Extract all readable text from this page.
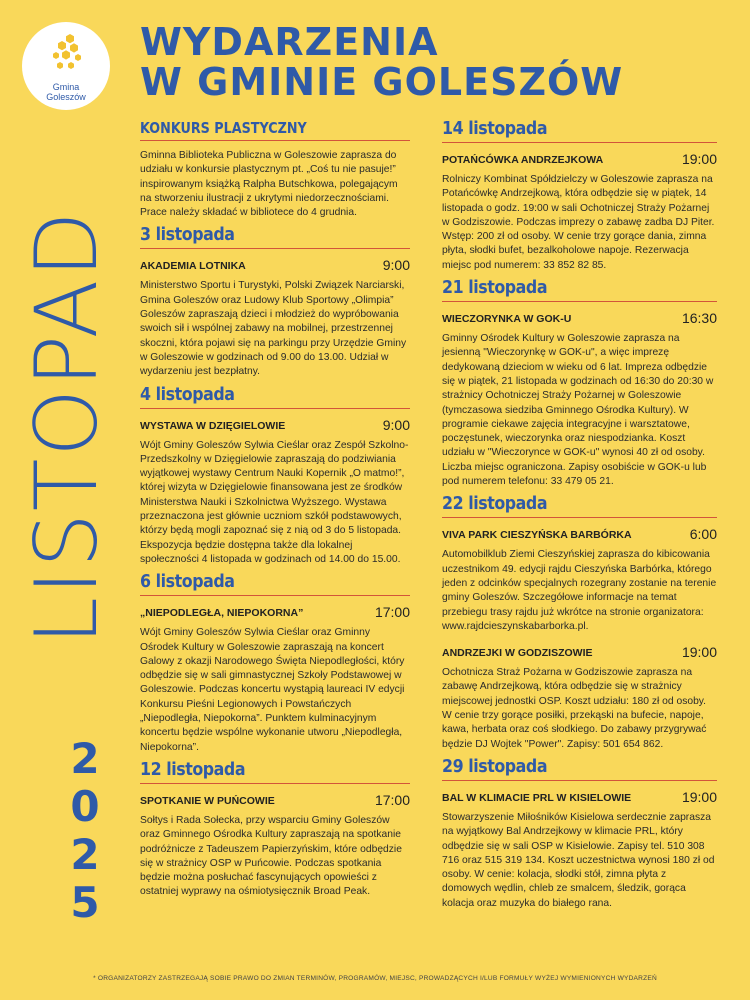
Gmina
Goleszów
WYDARZENIA
W GMINIE GOLESZÓW
LISTOPAD
2
0
2
5
KONKURS PLASTYCZNY
Gminna Biblioteka Publiczna w Goleszowie zaprasza do udziału w konkursie plastycznym pt. „Coś tu nie pasuje!” inspirowanym książką Ralpha Butschkowa, polegającym na stworzeniu ilustracji z ukrytymi niedorzecznościami. Prace należy składać w bibliotece do 4 grudnia.
3 listopada
AKADEMIA LOTNIKA	9:00
Ministerstwo Sportu i Turystyki, Polski Związek Narciarski, Gmina Goleszów oraz Ludowy Klub Sportowy „Olimpia” Goleszów zapraszają dzieci i młodzież do wypróbowania swoich sił i wspólnej zabawy na mobilnej, przestrzennej skoczni, która pojawi się na parkingu przy Urzędzie Gminy w Goleszowie w godzinach od 9.00 do 13.00. Udział w wydarzeniu jest bezpłatny.
4 listopada
WYSTAWA W DZIĘGIELOWIE	9:00
Wójt Gminy Goleszów Sylwia Cieślar oraz Zespół Szkolno-Przedszkolny w Dzięgielowie zapraszają do podziwiania wyjątkowej wystawy Centrum Nauki Kopernik „O matmo!”, której wizyta w Dzięgielowie finansowana jest ze środków Ministerstwa Nauki i Szkolnictwa Wyższego. Wystawa przeznaczona jest głównie uczniom szkół podstawowych, którzy będą mogli zapoznać się z nią od 3 do 5 listopada. Ekspozycja będzie dostępna także dla lokalnej społeczności 4 listopada w godzinach od 14.00 do 15.00.
6 listopada
„NIEPODLEGŁA, NIEPOKORNA”	17:00
Wójt Gminy Goleszów Sylwia Cieślar oraz Gminny Ośrodek Kultury w Goleszowie zapraszają na koncert Galowy z okazji Narodowego Święta Niepodległości, który odbędzie się w sali gimnastycznej Szkoły Podstawowej w Goleszowie. Podczas koncertu wystąpią laureaci IV edycji Konkursu Pieśni Legionowych i Powstańczych „Niepodległa, Niepokorna”. Punktem kulminacyjnym koncertu będzie wspólne wykonanie utworu „Niepodległa, Niepokorna”.
12 listopada
SPOTKANIE W PUŃCOWIE	17:00
Sołtys i Rada Sołecka, przy wsparciu Gminy Goleszów oraz Gminnego Ośrodka Kultury zapraszają na spotkanie podróżnicze z Tadeuszem Papierzyńskim, które odbędzie się w strażnicy OSP w Puńcowie. Podczas spotkania będzie można posłuchać fascynujących opowieści z ostatniej wyprawy na ośmiotysięcznik Broad Peak.
14 listopada
POTAŃCÓWKA ANDRZEJKOWA	19:00
Rolniczy Kombinat Spółdzielczy w Goleszowie zaprasza na Potańcówkę Andrzejkową, która odbędzie się w piątek, 14 listopada o godz. 19:00 w sali Ochotniczej Straży Pożarnej w Godziszowie. Podczas imprezy o zabawę zadba DJ Piter. Wstęp: 200 zł od osoby. W cenie trzy gorące dania, zimna płyta, słodki bufet, bezalkoholowe napoje. Rezerwacja miejsc pod numerem: 33 852 82 85.
21 listopada
WIECZORYNKA W GOK-U	16:30
Gminny Ośrodek Kultury w Goleszowie zaprasza na jesienną "Wieczorynkę w GOK-u", a więc imprezę dedykowaną dzieciom w wieku od 6 lat. Impreza odbędzie się w piątek, 21 listopada w godzinach od 16:30 do 20:30 w strażnicy Ochotniczej Straży Pożarnej w Goleszowie (tymczasowa siedziba Gminnego Ośrodka Kultury). W programie ciekawe zajęcia integracyjne i warsztatowe, poczęstunek, wieczorynka oraz niespodzianka. Koszt udziału w "Wieczorynce w GOK-u" wynosi 40 zł od osoby. Liczba miejsc ograniczona. Zapisy osobiście w GOK-u lub pod numerem telefonu: 33 479 05 21.
22 listopada
VIVA PARK CIESZYŃSKA BARBÓRKA	6:00
Automobilklub Ziemi Cieszyńskiej zaprasza do kibicowania uczestnikom 49. edycji rajdu Cieszyńska Barbórka, którego jeden z odcinków specjalnych rozegrany zostanie na terenie gminy Goleszów. Szczegółowe informacje na temat przebiegu trasy rajdu już wkrótce na stronie organizatora: www.rajdcieszynskabarborka.pl.
ANDRZEJKI W GODZISZOWIE	19:00
Ochotnicza Straż Pożarna w Godziszowie zaprasza na zabawę Andrzejkową, która odbędzie się w strażnicy miejscowej jednostki OSP. Koszt udziału: 180 zł od osoby. W cenie trzy gorące posiłki, przekąski na bufecie, napoje, kawa, herbata oraz coś słodkiego. Do zabawy przygrywać będzie DJ Wojtek "Power". Zapisy: 501 654 862.
29 listopada
BAL W KLIMACIE PRL W KISIELOWIE	19:00
Stowarzyszenie Miłośników Kisielowa serdecznie zaprasza na wyjątkowy Bal Andrzejkowy w klimacie PRL, który odbędzie się w sali OSP w Kisielowie. Zapisy tel. 510 308 716 oraz 515 319 134. Koszt uczestnictwa wynosi 180 zł od osoby. W cenie: kolacja, słodki stół, zimna płyta z domowych wędlin, chleb ze smalcem, śledzik, gorąca kolacja oraz muzyka do białego rana.
* ORGANIZATORZY ZASTRZEGAJĄ SOBIE PRAWO DO ZMIAN TERMINÓW, PROGRAMÓW, MIEJSC, PROWADZĄCYCH I/LUB FORMUŁY WYŻEJ WYMIENIONYCH WYDARZEŃ
